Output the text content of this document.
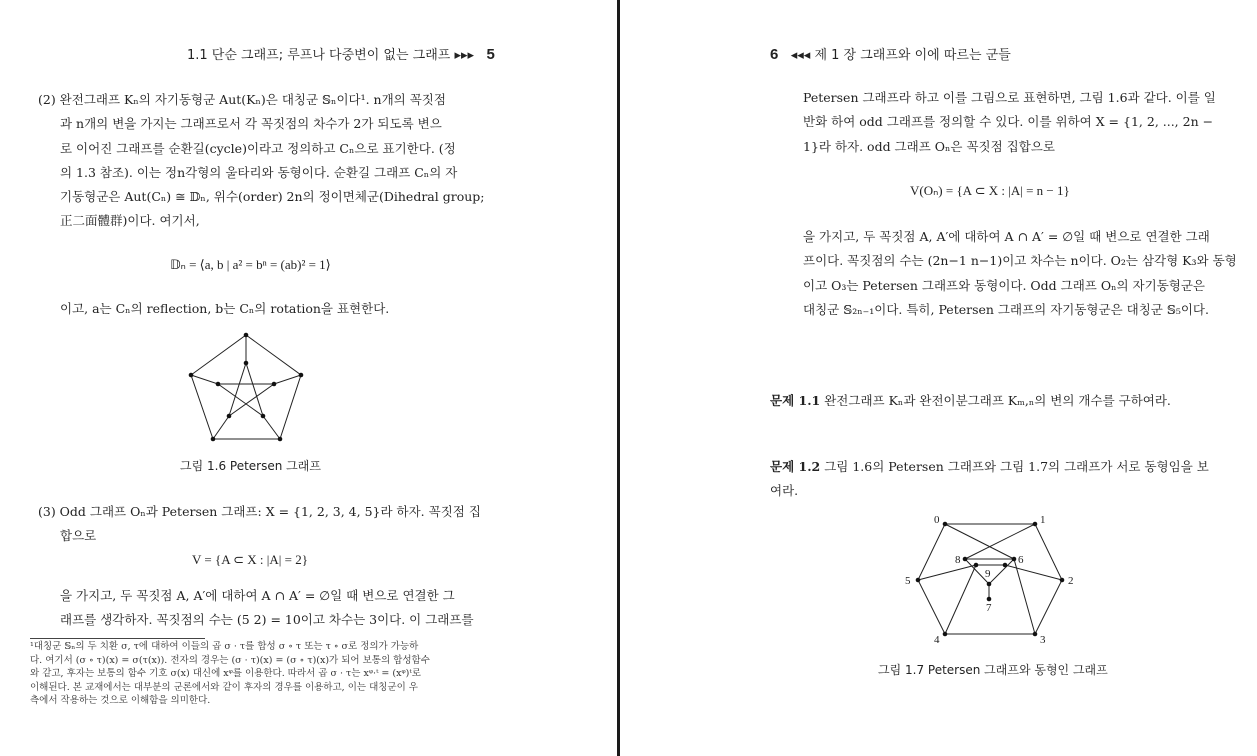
1.1 단순 그래프; 루프나 다중변이 없는 그래프 ▸▸▸ 5
(2) 완전그래프 Kₙ의 자기동형군 Aut(Kₙ)은 대칭군 𝕊ₙ이다¹. n개의 꼭짓점
과 n개의 변을 가지는 그래프로서 각 꼭짓점의 차수가 2가 되도록 변으
로 이어진 그래프를 순환길(cycle)이라고 정의하고 Cₙ으로 표기한다. (정
의 1.3 참조). 이는 정n각형의 울타리와 동형이다. 순환길 그래프 Cₙ의 자
기동형군은 Aut(Cₙ) ≅ 𝔻ₙ, 위수(order) 2n의 정이면체군(Dihedral group;
正二面體群)이다. 여기서,
𝔻ₙ = ⟨a, b | a² = bⁿ = (ab)² = 1⟩
이고, a는 Cₙ의 reflection, b는 Cₙ의 rotation을 표현한다.
그림 1.6 Petersen 그래프
(3) Odd 그래프 Oₙ과 Petersen 그래프: X = {1, 2, 3, 4, 5}라 하자. 꼭짓점 집
합으로
V = {A ⊂ X : |A| = 2}
을 가지고, 두 꼭짓점 A, A′에 대하여 A ∩ A′ = ∅일 때 변으로 연결한 그
래프를 생각하자. 꼭짓점의 수는 (5 2) = 10이고 차수는 3이다. 이 그래프를
¹대칭군 𝕊ₙ의 두 치환 σ, τ에 대하여 이들의 곱 σ · τ를 합성 σ ∘ τ 또는 τ ∘ σ로 정의가 가능하
다. 여기서 (σ ∘ τ)(x) = σ(τ(x)). 전자의 경우는 (σ · τ)(x) = (σ ∘ τ)(x)가 되어 보통의 합성함수
와 같고, 후자는 보통의 함수 기호 σ(x) 대신에 xᵠ를 이용한다. 따라서 곱 σ · τ는 xᵠ·ᵗ = (xᵠ)ᵗ로
이해된다. 본 교재에서는 대부분의 군론에서와 같이 후자의 경우를 이용하고, 이는 대칭군이 우
측에서 작용하는 것으로 이해함을 의미한다.
6 ◂◂◂ 제 1 장 그래프와 이에 따르는 군들
Petersen 그래프라 하고 이를 그림으로 표현하면, 그림 1.6과 같다. 이를 일
반화 하여 odd 그래프를 정의할 수 있다. 이를 위하여 X = {1, 2, ..., 2n −
1}라 하자. odd 그래프 Oₙ은 꼭짓점 집합으로
V(Oₙ) = {A ⊂ X : |A| = n − 1}
을 가지고, 두 꼭짓점 A, A′에 대하여 A ∩ A′ = ∅일 때 변으로 연결한 그래
프이다. 꼭짓점의 수는 (2n−1 n−1)이고 차수는 n이다. O₂는 삼각형 K₃와 동형
이고 O₃는 Petersen 그래프와 동형이다. Odd 그래프 Oₙ의 자기동형군은
대칭군 𝕊₂ₙ₋₁이다. 특히, Petersen 그래프의 자기동형군은 대칭군 𝕊₅이다.
문제 1.1 완전그래프 Kₙ과 완전이분그래프 Kₘ,ₙ의 변의 개수를 구하여라.
문제 1.2 그림 1.6의 Petersen 그래프와 그림 1.7의 그래프가 서로 동형임을 보
여라.
0	1
2
3
4
5
6
7
8
9
그림 1.7 Petersen 그래프와 동형인 그래프
